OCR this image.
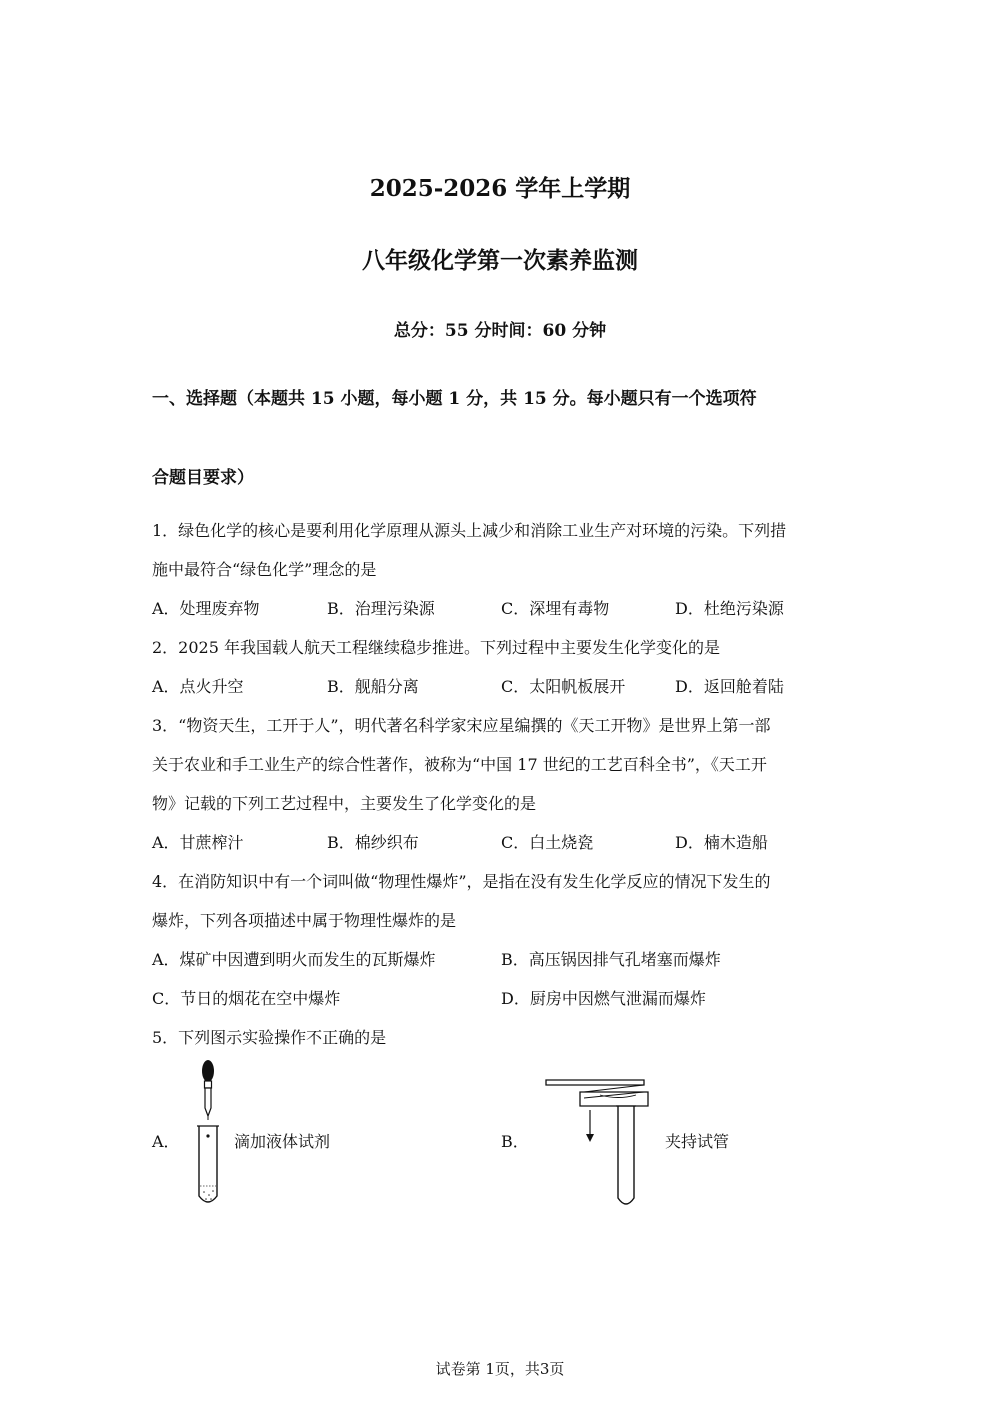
2025-2026 学年上学期
八年级化学第一次素养监测
总分：55 分时间：60 分钟
一、选择题（本题共 15 小题，每小题 1 分，共 15 分。每小题只有一个选项符
合题目要求）
1．绿色化学的核心是要利用化学原理从源头上减少和消除工业生产对环境的污染。下列措
施中最符合“绿色化学”理念的是
A．处理废弃物	B．治理污染源	C．深埋有毒物	D．杜绝污染源
2．2025 年我国载人航天工程继续稳步推进。下列过程中主要发生化学变化的是
A．点火升空	B．舰船分离	C．太阳帆板展开	D．返回舱着陆
3．“物资天生，工开于人”，明代著名科学家宋应星编撰的《天工开物》是世界上第一部
关于农业和手工业生产的综合性著作，被称为“中国 17 世纪的工艺百科全书”，《天工开
物》记载的下列工艺过程中，主要发生了化学变化的是
A．甘蔗榨汁	B．棉纱织布	C．白土烧瓷	D．楠木造船
4．在消防知识中有一个词叫做“物理性爆炸”，是指在没有发生化学反应的情况下发生的
爆炸，下列各项描述中属于物理性爆炸的是
A．煤矿中因遭到明火而发生的瓦斯爆炸	B．高压锅因排气孔堵塞而爆炸
C．节日的烟花在空中爆炸	D．厨房中因燃气泄漏而爆炸
5．下列图示实验操作不正确的是
A．	滴加液体试剂	B．	夹持试管
试卷第 1页，共3页
